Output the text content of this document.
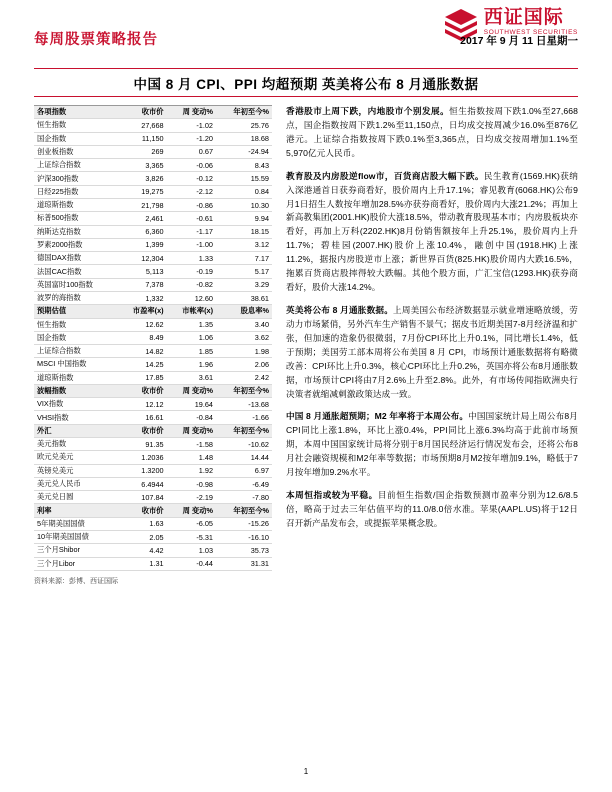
西证国际
SOUTHWEST SECURITIES
每周股票策略报告	2017 年 9 月 11 日星期一
中国 8 月 CPI、PPI 均超预期 英美将公布 8 月通胀数据
各项指数	收市价	周 变动%	年初至今%
恒生指数	27,668	-1.02	25.76
国企指数	11,150	-1.20	18.68
创业板指数	269	0.67	-24.94
上证综合指数	3,365	-0.06	8.43
沪深300指数	3,826	-0.12	15.59
日经225指数	19,275	-2.12	0.84
道琼斯指数	21,798	-0.86	10.30
标普500指数	2,461	-0.61	9.94
纳斯达克指数	6,360	-1.17	18.15
罗素2000指数	1,399	-1.00	3.12
德国DAX指数	12,304	1.33	7.17
法国CAC指数	5,113	-0.19	5.17
英国富时100指数	7,378	-0.82	3.29
波罗的海指数	1,332	12.60	38.61
预期估值	市盈率(x)	市帐率(x)	股息率%
恒生指数	12.62	1.35	3.40
国企指数	8.49	1.06	3.62
上证综合指数	14.82	1.85	1.98
MSCI 中国指数	14.25	1.96	2.06
道琼斯指数	17.85	3.61	2.42
波幅指数	收市价	周 变动%	年初至今%
VIX指数	12.12	19.64	-13.68
VHSI指数	16.61	-0.84	-1.66
外汇	收市价	周 变动%	年初至今%
美元指数	91.35	-1.58	-10.62
欧元兑美元	1.2036	1.48	14.44
英镑兑美元	1.3200	1.92	6.97
美元兑人民币	6.4944	-0.98	-6.49
美元兑日圆	107.84	-2.19	-7.80
利率	收市价	周 变动%	年初至今%
5年期美国国债	1.63	-6.05	-15.26
10年期美国国债	2.05	-5.31	-16.10
三个月Shibor	4.42	1.03	35.73
三个月Libor	1.31	-0.44	31.31
资料来源：彭博、西证国际

香港股市上周下跌，内地股市个别发展。恒生指数按周下跌1.0%至27,668点，国企指数按周下跌1.2%至11,150点，日均成交按周减少16.0%至876亿港元。上证综合指数按周下跌0.1%至3,365点，日均成交按周增加1.1%至5,970亿元人民币。

教育股及内房股逆flow市，百货商店股大幅下跌。民生教育(1569.HK)获纳入深港通首日获券商看好，股价周内上升17.1%；睿见教育(6068.HK)公布9月1日招生人数按年增加28.5%亦获券商看好，股价周内大涨21.2%；再加上新高教集团(2001.HK)股价大涨18.5%，带动教育股现基本市；内房股板块亦看好，再加上万科(2202.HK)8月份销售额按年上升25.1%，股价周内上升11.7%；碧桂园(2007.HK)股价上涨10.4%，融创中国(1918.HK)上涨11.2%，据报内房股逆市上涨；新世界百货(825.HK)股价周内大跌16.5%，拖累百货商店股摔得较大跌幅。其他个股方面，广汇宝信(1293.HK)获券商看好，股价大涨14.2%。

英美将公布 8 月通胀数据。上周美国公布经济数据显示就业增速略放缓，劳动力市场紧俏，另外汽车生产销售不景气；据皮书近期美国7-8月经济温和扩张，但加速的造象仍很微弱，7月份CPI环比上升0.1%，同比增长1.4%，低于预期；美国劳工部本周将公布美国 8 月 CPI，市场预计通胀数据将有略微改善：CPI环比上升0.3%，核心CPI环比上升0.2%，英国亦将公布8月通胀数据，市场预计CPI将由7月2.6%上升至2.8%。此外，有市场传闻指欧洲央行决策者就缩减刺激政策达成一致。

中国 8 月通胀超预期；M2 年率将于本周公布。中国国家统计局上周公布8月CPI同比上涨1.8%，环比上涨0.4%，PPI同比上涨6.3%均高于此前市场预期，本周中国国家统计局将分别于8月国民经济运行情况发布会，还将公布8月社会融资规模和M2年率等数据；市场预期8月M2按年增加9.1%，略低于7月按年增加9.2%水平。

本周恒指或较为平稳。目前恒生指数/国企指数预测市盈率分别为12.6/8.5倍，略高于过去三年估值平均的11.0/8.0倍水准。苹果(AAPL.US)将于12日召开新产品发布会，或提振苹果概念股。

1
